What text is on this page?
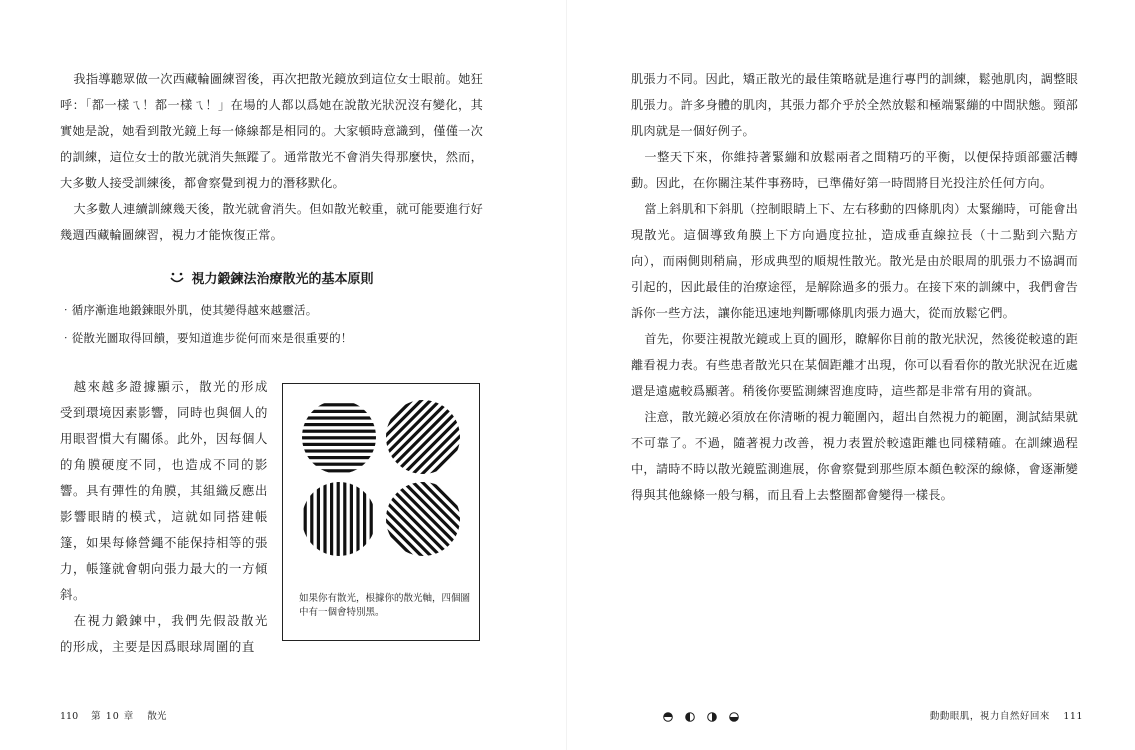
我指導聽眾做一次西藏輪圖練習後，再次把散光鏡放到這位女士眼前。她狂呼：「都一樣ㄟ！都一樣ㄟ！」在場的人都以爲她在說散光狀況沒有變化，其實她是說，她看到散光鏡上每一條線都是相同的。大家頓時意識到，僅僅一次的訓練，這位女士的散光就消失無蹤了。通常散光不會消失得那麼快，然而，大多數人接受訓練後，都會察覺到視力的潛移默化。

大多數人連續訓練幾天後，散光就會消失。但如散光較重，就可能要進行好幾週西藏輪圖練習，視力才能恢復正常。

視力鍛鍊法治療散光的基本原則

‧循序漸進地鍛鍊眼外肌，使其變得越來越靈活。

‧從散光圖取得回饋，要知道進步從何而來是很重要的！

越來越多證據顯示，散光的形成受到環境因素影響，同時也與個人的用眼習慣大有關係。此外，因每個人的角膜硬度不同，也造成不同的影響。具有彈性的角膜，其組織反應出影響眼睛的模式，這就如同搭建帳篷，如果每條營繩不能保持相等的張力，帳篷就會朝向張力最大的一方傾斜。

在視力鍛鍊中，我們先假設散光的形成，主要是因爲眼球周圍的直

如果你有散光，根據你的散光軸，四個圖中有一個會特別黑。
110 第 10 章 散光

肌張力不同。因此，矯正散光的最佳策略就是進行專門的訓練，鬆弛肌肉，調整眼肌張力。許多身體的肌肉，其張力都介乎於全然放鬆和極端緊繃的中間狀態。頸部肌肉就是一個好例子。

一整天下來，你維持著緊繃和放鬆兩者之間精巧的平衡，以便保持頭部靈活轉動。因此，在你關注某件事務時，已準備好第一時間將目光投注於任何方向。

當上斜肌和下斜肌（控制眼睛上下、左右移動的四條肌肉）太緊繃時，可能會出現散光。這個導致角膜上下方向過度拉扯，造成垂直線拉長（十二點到六點方向），而兩側則稍扁，形成典型的順規性散光。散光是由於眼周的肌張力不協調而引起的，因此最佳的治療途徑，是解除過多的張力。在接下來的訓練中，我們會告訴你一些方法，讓你能迅速地判斷哪條肌肉張力過大，從而放鬆它們。

首先，你要注視散光鏡或上頁的圓形，瞭解你目前的散光狀況，然後從較遠的距離看視力表。有些患者散光只在某個距離才出現，你可以看看你的散光狀況在近處還是遠處較爲顯著。稍後你要監測練習進度時，這些都是非常有用的資訊。

注意，散光鏡必須放在你清晰的視力範圍內，超出自然視力的範圍，測試結果就不可靠了。不過，隨著視力改善，視力表置於較遠距離也同樣精確。在訓練過程中，請時不時以散光鏡監測進展，你會察覺到那些原本顏色較深的線條，會逐漸變得與其他線條一般勻稱，而且看上去整圈都會變得一樣長。

動動眼肌，視力自然好回來 111
